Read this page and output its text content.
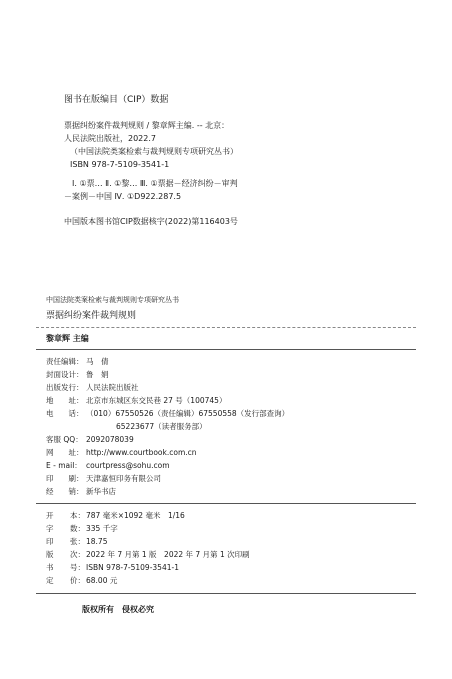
图书在版编目（CIP）数据
票据纠纷案件裁判规则 / 黎章辉主编. -- 北京：
人民法院出版社，2022.7
（中国法院类案检索与裁判规则专项研究丛书）
ISBN 978-7-5109-3541-1
Ⅰ. ①票… Ⅱ. ①黎… Ⅲ. ①票据－经济纠纷－审判
－案例－中国 Ⅳ. ①D922.287.5
中国版本图书馆CIP数据核字(2022)第116403号
中国法院类案检索与裁判规则专项研究丛书
票据纠纷案件裁判规则
黎章辉 主编
责任编辑： 马　倩
封面设计： 鲁　娟
出版发行： 人民法院出版社
地　　址： 北京市东城区东交民巷 27 号（100745）
电　　话： （010）67550526（责任编辑）67550558（发行部查询）
65223677（读者服务部）
客服 QQ： 2092078039
网　　址： http://www.courtbook.com.cn
E - mail： courtpress@sohu.com
印　　刷： 天津嘉恒印务有限公司
经　　销： 新华书店
开 本： 787 毫米×1092 毫米　1/16
字 数： 335 千字
印 张： 18.75
版 次： 2022 年 7 月第 1 版　2022 年 7 月第 1 次印刷
书 号： ISBN 978-7-5109-3541-1
定 价： 68.00 元
版权所有　侵权必究
